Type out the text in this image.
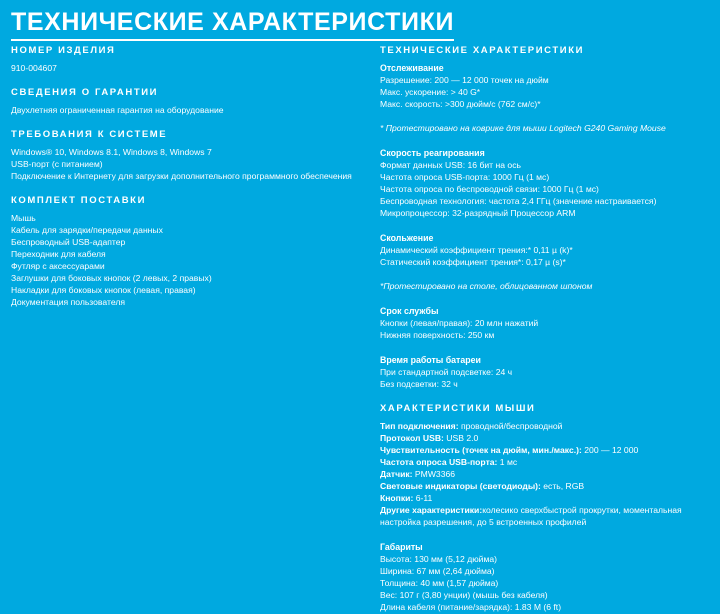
ТЕХНИЧЕСКИЕ ХАРАКТЕРИСТИКИ
НОМЕР ИЗДЕЛИЯ
910-004607
СВЕДЕНИЯ О ГАРАНТИИ
Двухлетняя ограниченная гарантия на оборудование
ТРЕБОВАНИЯ К СИСТЕМЕ
Windows® 10, Windows 8.1, Windows 8, Windows 7
USB-порт (с питанием)
Подключение к Интернету для загрузки дополнительного программного обеспечения
КОМПЛЕКТ ПОСТАВКИ
Мышь
Кабель для зарядки/передачи данных
Беспроводный USB-адаптер
Переходник для кабеля
Футляр с аксессуарами
Заглушки для боковых кнопок (2 левых, 2 правых)
Накладки для боковых кнопок (левая, правая)
Документация пользователя
ТЕХНИЧЕСКИЕ ХАРАКТЕРИСТИКИ
Отслеживание
Разрешение: 200 — 12 000 точек на дюйм
Макс. ускорение: > 40 G*
Макс. скорость: >300 дюйм/с (762 см/с)*
* Протестировано на коврике для мыши Logitech G240 Gaming Mouse
Скорость реагирования
Формат данных USB: 16 бит на ось
Частота опроса USB-порта: 1000 Гц (1 мс)
Частота опроса по беспроводной связи: 1000 Гц (1 мс)
Беспроводная технология: частота 2,4 ГГц (значение настраивается)
Микропроцессор: 32-разрядный Процессор ARM
Скольжение
Динамический коэффициент трения:* 0,11 µ (k)*
Статический коэффициент трения*: 0,17 µ (s)*
*Протестировано на столе, облицованном шпоном
Срок службы
Кнопки (левая/правая): 20 млн нажатий
Нижняя поверхность: 250 км
Время работы батареи
При стандартной подсветке: 24 ч
Без подсветки: 32 ч
ХАРАКТЕРИСТИКИ МЫШИ
Тип подключения: проводной/беспроводной
Протокол USB: USB 2.0
Чувствительность (точек на дюйм, мин./макс.): 200 — 12 000
Частота опроса USB-порта: 1 мс
Датчик: PMW3366
Световые индикаторы (светодиоды): есть, RGB
Кнопки: 6-11
Другие характеристики:колесико сверхбыстрой прокрутки, моментальная настройка разрешения, до 5 встроенных профилей
Габариты
Высота: 130 мм (5,12 дюйма)
Ширина: 67 мм (2,64 дюйма)
Толщина: 40 мм (1,57 дюйма)
Вес: 107 г (3,80 унции) (мышь без кабеля)
Длина кабеля (питание/зарядка): 1.83 M (6 ft)
